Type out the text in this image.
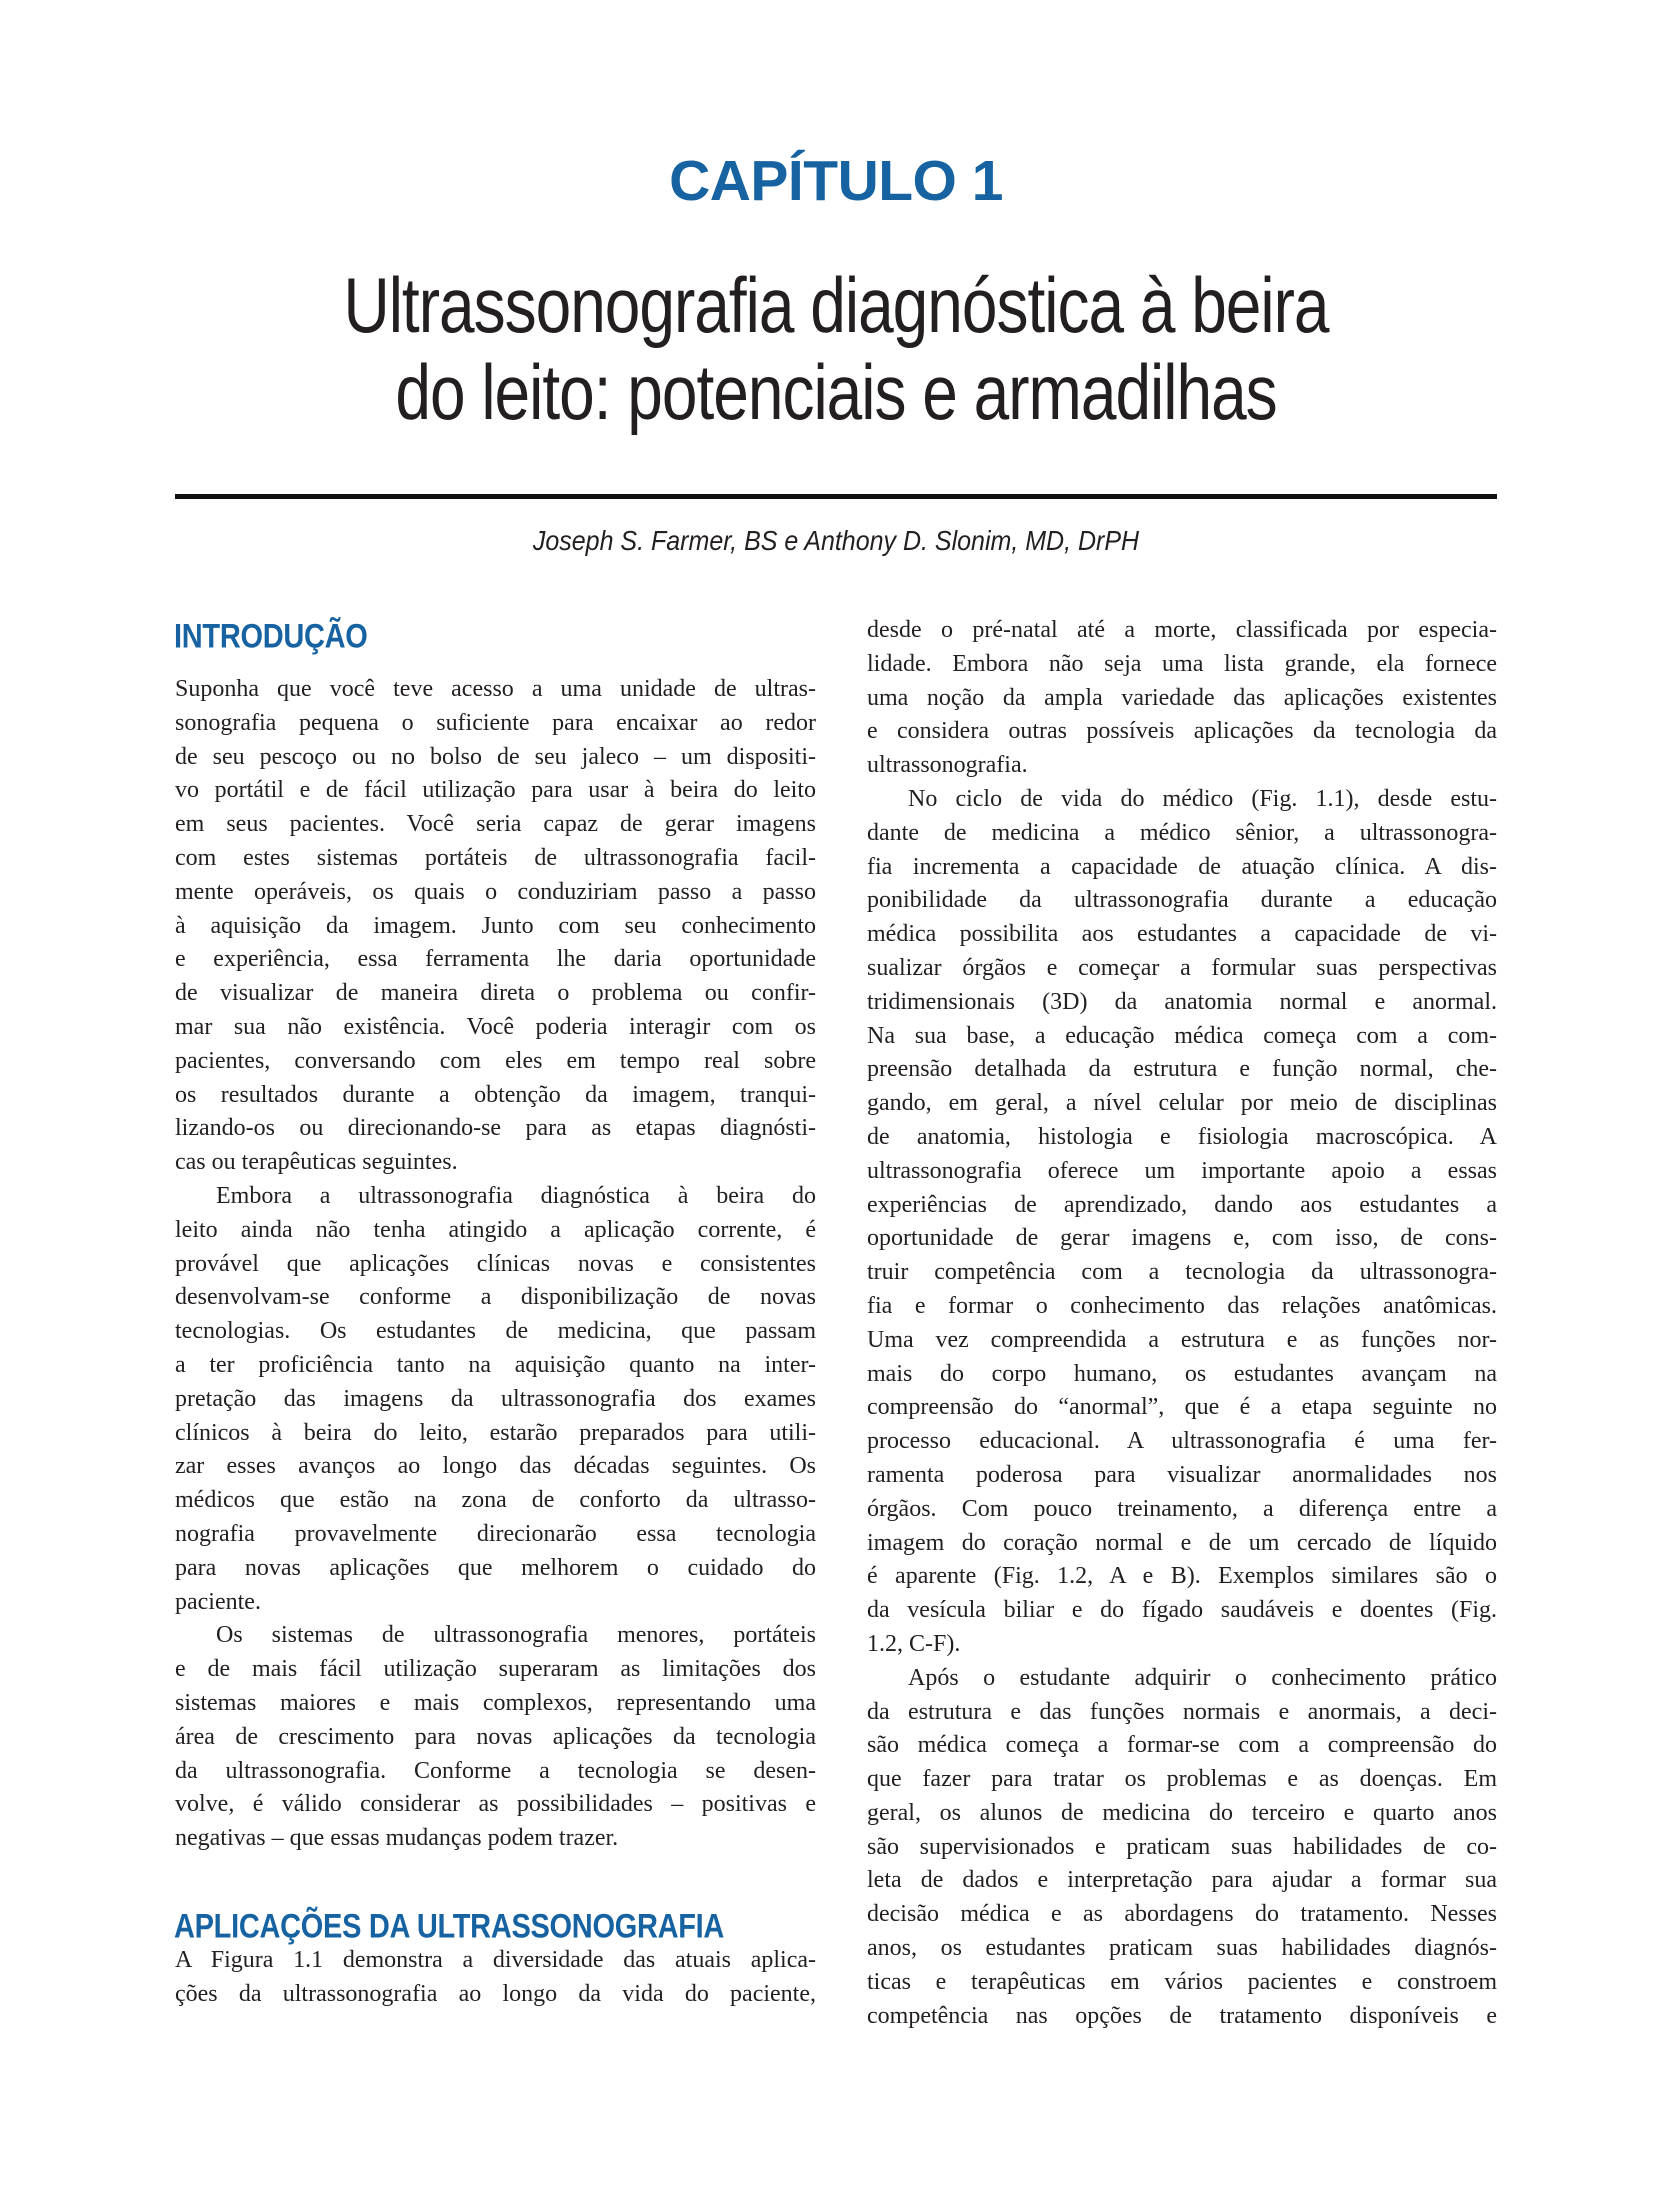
CAPÍTULO 1
Ultrassonografia diagnóstica à beira
do leito: potenciais e armadilhas
Joseph S. Farmer, BS e Anthony D. Slonim, MD, DrPH
INTRODUÇÃO
Suponha que você teve acesso a uma unidade de ultras-
sonografia pequena o suficiente para encaixar ao redor
de seu pescoço ou no bolso de seu jaleco – um dispositi-
vo portátil e de fácil utilização para usar à beira do leito
em seus pacientes. Você seria capaz de gerar imagens
com estes sistemas portáteis de ultrassonografia facil-
mente operáveis, os quais o conduziriam passo a passo
à aquisição da imagem. Junto com seu conhecimento
e experiência, essa ferramenta lhe daria oportunidade
de visualizar de maneira direta o problema ou confir-
mar sua não existência. Você poderia interagir com os
pacientes, conversando com eles em tempo real sobre
os resultados durante a obtenção da imagem, tranqui-
lizando-os ou direcionando-se para as etapas diagnósti-
cas ou terapêuticas seguintes.
Embora a ultrassonografia diagnóstica à beira do
leito ainda não tenha atingido a aplicação corrente, é
provável que aplicações clínicas novas e consistentes
desenvolvam-se conforme a disponibilização de novas
tecnologias. Os estudantes de medicina, que passam
a ter proficiência tanto na aquisição quanto na inter-
pretação das imagens da ultrassonografia dos exames
clínicos à beira do leito, estarão preparados para utili-
zar esses avanços ao longo das décadas seguintes. Os
médicos que estão na zona de conforto da ultrasso-
nografia provavelmente direcionarão essa tecnologia
para novas aplicações que melhorem o cuidado do
paciente.
Os sistemas de ultrassonografia menores, portáteis
e de mais fácil utilização superaram as limitações dos
sistemas maiores e mais complexos, representando uma
área de crescimento para novas aplicações da tecnologia
da ultrassonografia. Conforme a tecnologia se desen-
volve, é válido considerar as possibilidades – positivas e
negativas – que essas mudanças podem trazer.
APLICAÇÕES DA ULTRASSONOGRAFIA
A Figura 1.1 demonstra a diversidade das atuais aplica-
ções da ultrassonografia ao longo da vida do paciente,
desde o pré-natal até a morte, classificada por especia-
lidade. Embora não seja uma lista grande, ela fornece
uma noção da ampla variedade das aplicações existentes
e considera outras possíveis aplicações da tecnologia da
ultrassonografia.
No ciclo de vida do médico (Fig. 1.1), desde estu-
dante de medicina a médico sênior, a ultrassonogra-
fia incrementa a capacidade de atuação clínica. A dis-
ponibilidade da ultrassonografia durante a educação
médica possibilita aos estudantes a capacidade de vi-
sualizar órgãos e começar a formular suas perspectivas
tridimensionais (3D) da anatomia normal e anormal.
Na sua base, a educação médica começa com a com-
preensão detalhada da estrutura e função normal, che-
gando, em geral, a nível celular por meio de disciplinas
de anatomia, histologia e fisiologia macroscópica. A
ultrassonografia oferece um importante apoio a essas
experiências de aprendizado, dando aos estudantes a
oportunidade de gerar imagens e, com isso, de cons-
truir competência com a tecnologia da ultrassonogra-
fia e formar o conhecimento das relações anatômicas.
Uma vez compreendida a estrutura e as funções nor-
mais do corpo humano, os estudantes avançam na
compreensão do “anormal”, que é a etapa seguinte no
processo educacional. A ultrassonografia é uma fer-
ramenta poderosa para visualizar anormalidades nos
órgãos. Com pouco treinamento, a diferença entre a
imagem do coração normal e de um cercado de líquido
é aparente (Fig. 1.2, A e B). Exemplos similares são o
da vesícula biliar e do fígado saudáveis e doentes (Fig.
1.2, C-F).
Após o estudante adquirir o conhecimento prático
da estrutura e das funções normais e anormais, a deci-
são médica começa a formar-se com a compreensão do
que fazer para tratar os problemas e as doenças. Em
geral, os alunos de medicina do terceiro e quarto anos
são supervisionados e praticam suas habilidades de co-
leta de dados e interpretação para ajudar a formar sua
decisão médica e as abordagens do tratamento. Nesses
anos, os estudantes praticam suas habilidades diagnós-
ticas e terapêuticas em vários pacientes e constroem
competência nas opções de tratamento disponíveis e
